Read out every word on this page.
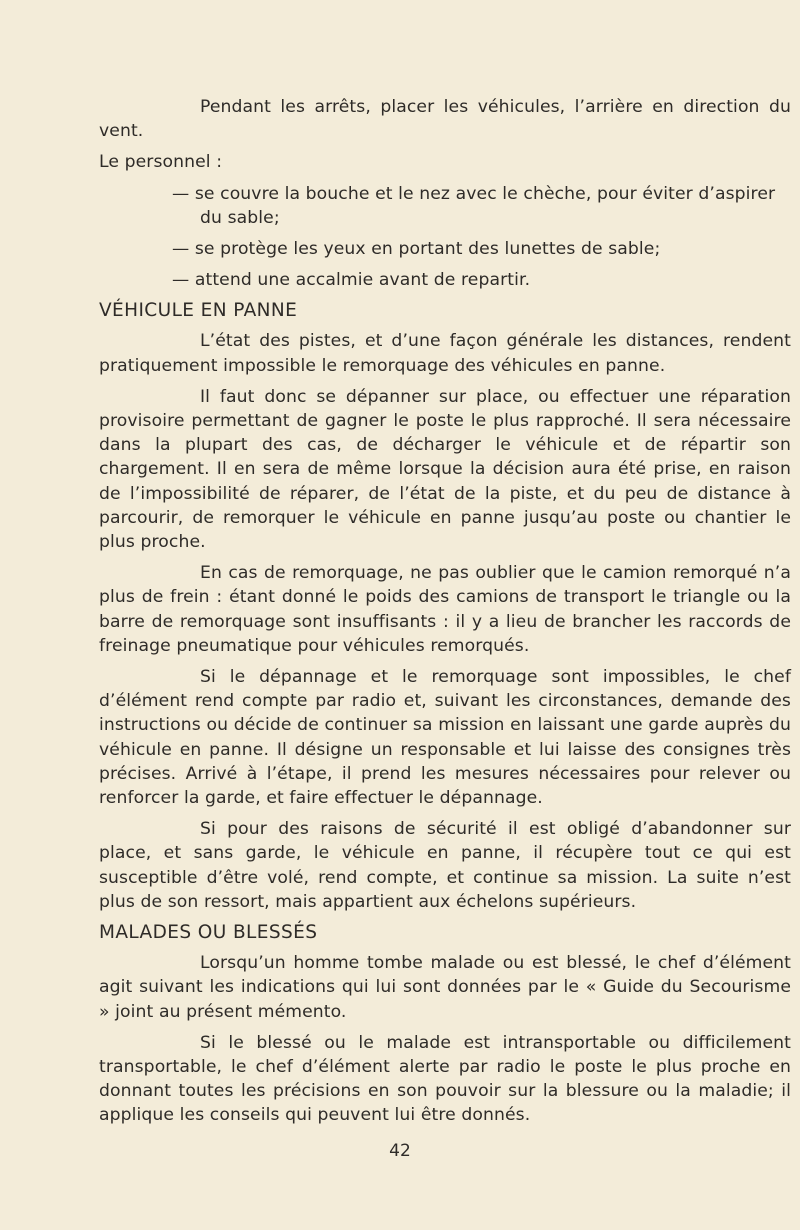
Pendant les arrêts, placer les véhicules, l’arrière en direction du vent.

Le personnel :
— se couvre la bouche et le nez avec le chèche, pour éviter d’aspirer du sable;
— se protège les yeux en portant des lunettes de sable;
— attend une accalmie avant de repartir.
VÉHICULE EN PANNE

L’état des pistes, et d’une façon générale les distances, rendent pratiquement impossible le remorquage des véhicules en panne.

Il faut donc se dépanner sur place, ou effectuer une réparation provisoire permettant de gagner le poste le plus rapproché. Il sera nécessaire dans la plupart des cas, de décharger le véhicule et de répartir son chargement. Il en sera de même lorsque la décision aura été prise, en raison de l’impossibilité de réparer, de l’état de la piste, et du peu de distance à parcourir, de remorquer le véhicule en panne jusqu’au poste ou chantier le plus proche.

En cas de remorquage, ne pas oublier que le camion remorqué n’a plus de frein : étant donné le poids des camions de transport le triangle ou la barre de remorquage sont insuffisants : il y a lieu de brancher les raccords de freinage pneumatique pour véhicules remorqués.

Si le dépannage et le remorquage sont impossibles, le chef d’élément rend compte par radio et, suivant les circonstances, demande des instructions ou décide de continuer sa mission en laissant une garde auprès du véhicule en panne. Il désigne un responsable et lui laisse des consignes très précises. Arrivé à l’étape, il prend les mesures nécessaires pour relever ou renforcer la garde, et faire effectuer le dépannage.

Si pour des raisons de sécurité il est obligé d’abandonner sur place, et sans garde, le véhicule en panne, il récupère tout ce qui est susceptible d’être volé, rend compte, et continue sa mission. La suite n’est plus de son ressort, mais appartient aux échelons supérieurs.

MALADES OU BLESSÉS

Lorsqu’un homme tombe malade ou est blessé, le chef d’élément agit suivant les indications qui lui sont données par le « Guide du Secourisme » joint au présent mémento.

Si le blessé ou le malade est intransportable ou difficilement transportable, le chef d’élément alerte par radio le poste le plus proche en donnant toutes les précisions en son pouvoir sur la blessure ou la maladie; il applique les conseils qui peuvent lui être donnés.

42
